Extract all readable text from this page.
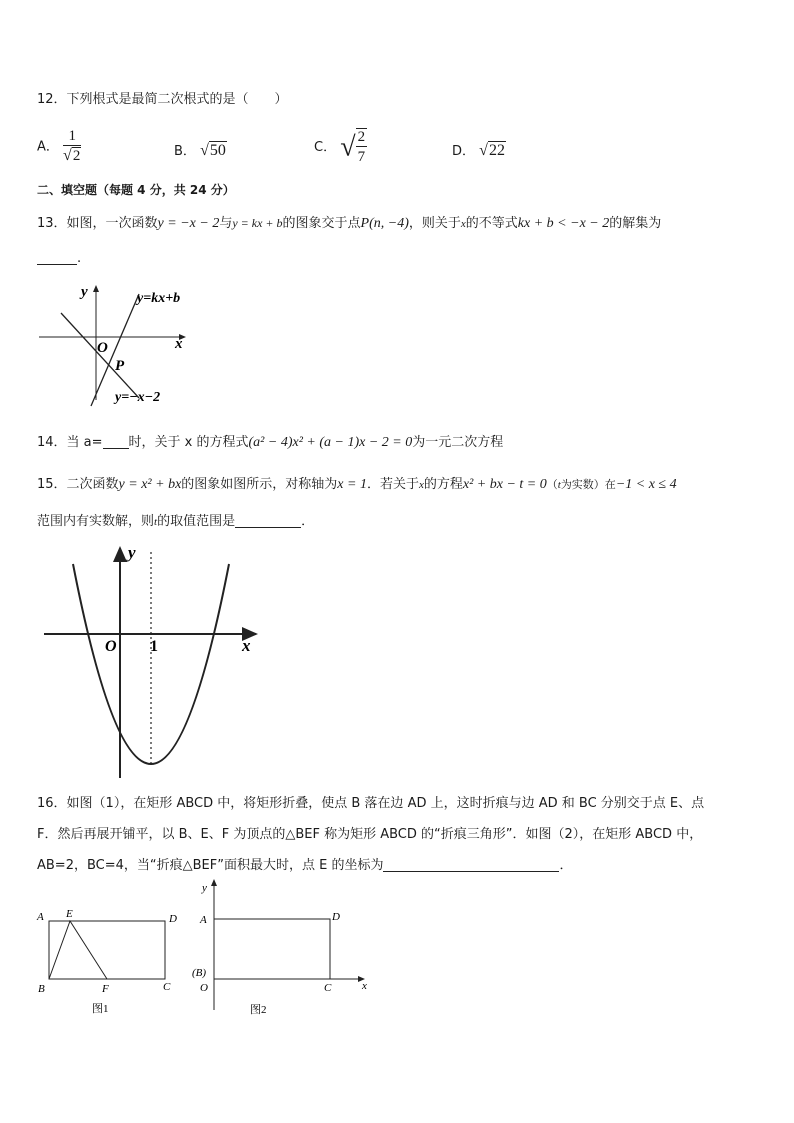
12．下列根式是最简二次根式的是（　　）
A． $\frac{1}{√2}$	B． √50	C． √ $\frac{2}{7}$	D． √22
二、填空题（每题 4 分，共 24 分）
13．如图，一次函数y = −x − 2与y = kx + b的图象交于点P(n, −4)，则关于x的不等式kx + b < −x − 2的解集为
.
y
x
y=kx+b
O
P
y=−x−2
14．当 a= 时，关于 x 的方程式(a² − 4)x² + (a − 1)x − 2 = 0为一元二次方程
15．二次函数y = x² + bx的图象如图所示，对称轴为x = 1．若关于x的方程x² + bx − t = 0（t为实数）在−1 < x ≤ 4
范围内有实数解，则t的取值范围是	．
y
x
O 1
16．如图（1），在矩形 ABCD 中，将矩形折叠，使点 B 落在边 AD 上，这时折痕与边 AD 和 BC 分别交于点 E、点
F．然后再展开铺平，以 B、E、F 为顶点的△BEF 称为矩形 ABCD 的“折痕三角形”．如图（2），在矩形 ABCD 中，
AB=2，BC=4，当“折痕△BEF”面积最大时，点 E 的坐标为	．
A E	D
B	F	C
图1
y
A	D
(B)
O	C	x
图2
